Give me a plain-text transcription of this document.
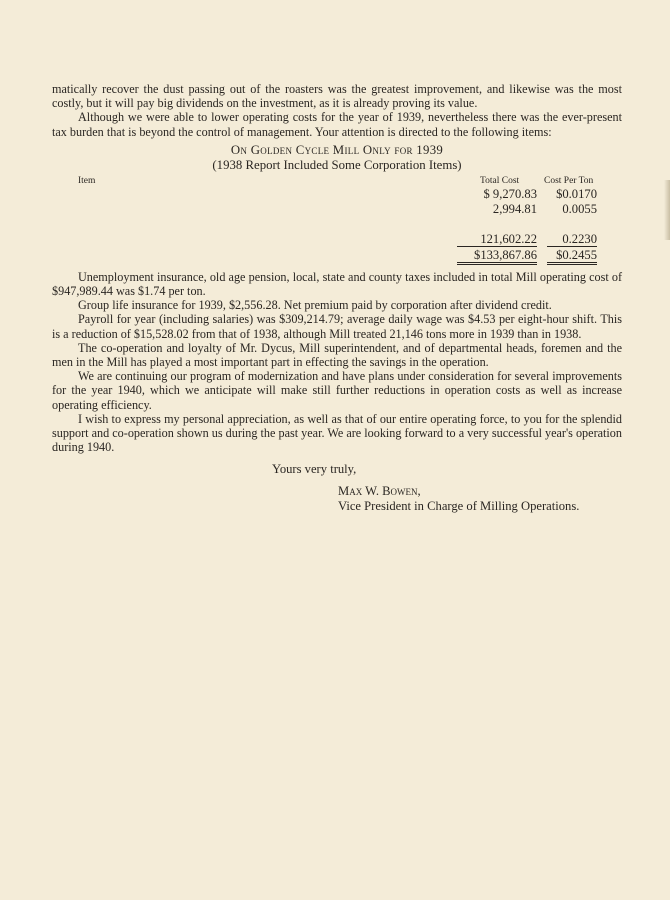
matically recover the dust passing out of the roasters was the greatest improvement, and likewise was the most costly, but it will pay big dividends on the investment, as it is already proving its value.

Although we were able to lower operating costs for the year of 1939, nevertheless there was the ever-present tax burden that is beyond the control of management. Your attention is directed to the following items:

On Golden Cycle Mill Only for 1939
(1938 Report Included Some Corporation Items)
Item	Total Cost	Cost Per Ton
$ 9,270.83	$0.0170
2,994.81	0.0055
121,602.22	0.2230
$133,867.86	$0.2455

Unemployment insurance, old age pension, local, state and county taxes included in total Mill operating cost of $947,989.44 was $1.74 per ton.

Group life insurance for 1939, $2,556.28. Net premium paid by corporation after dividend credit.

Payroll for year (including salaries) was $309,214.79; average daily wage was $4.53 per eight-hour shift. This is a reduction of $15,528.02 from that of 1938, although Mill treated 21,146 tons more in 1939 than in 1938.

The co-operation and loyalty of Mr. Dycus, Mill superintendent, and of departmental heads, foremen and the men in the Mill has played a most important part in effecting the savings in the operation.

We are continuing our program of modernization and have plans under consideration for several improvements for the year 1940, which we anticipate will make still further reductions in operation costs as well as increase operating efficiency.

I wish to express my personal appreciation, as well as that of our entire operating force, to you for the splendid support and co-operation shown us during the past year. We are looking forward to a very successful year's operation during 1940.

Yours very truly,
Max W. Bowen,
Vice President in Charge of Milling Operations.
